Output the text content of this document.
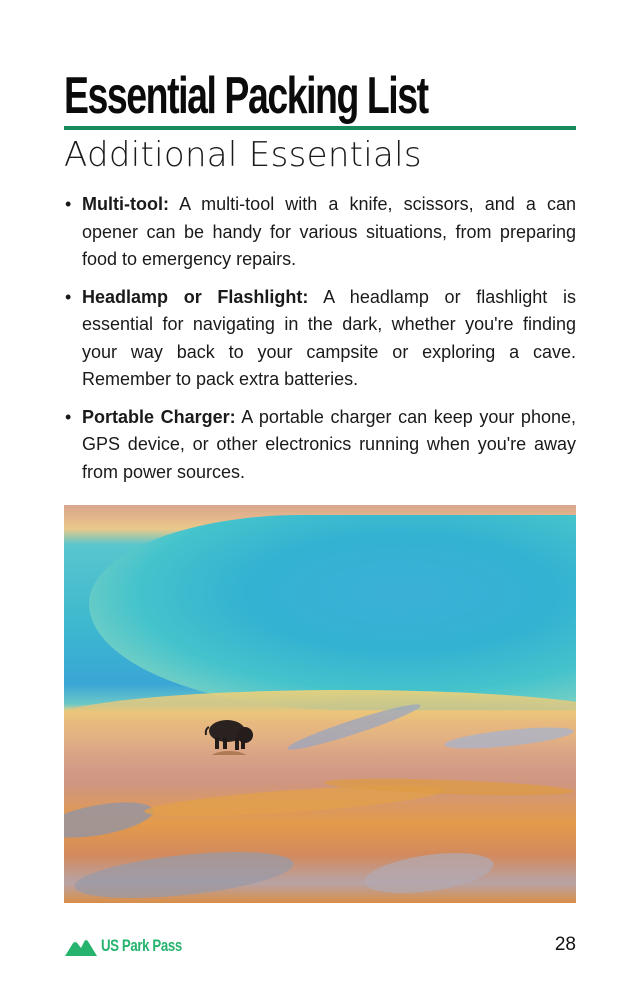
Essential Packing List
Additional Essentials
• Multi-tool: A multi-tool with a knife, scissors, and a can opener can be handy for various situations, from preparing food to emergency repairs.
• Headlamp or Flashlight: A headlamp or flashlight is essential for navigating in the dark, whether you're finding your way back to your campsite or exploring a cave. Remember to pack extra batteries.
• Portable Charger: A portable charger can keep your phone, GPS device, or other electronics running when you're away from power sources.
US Park Pass	28
